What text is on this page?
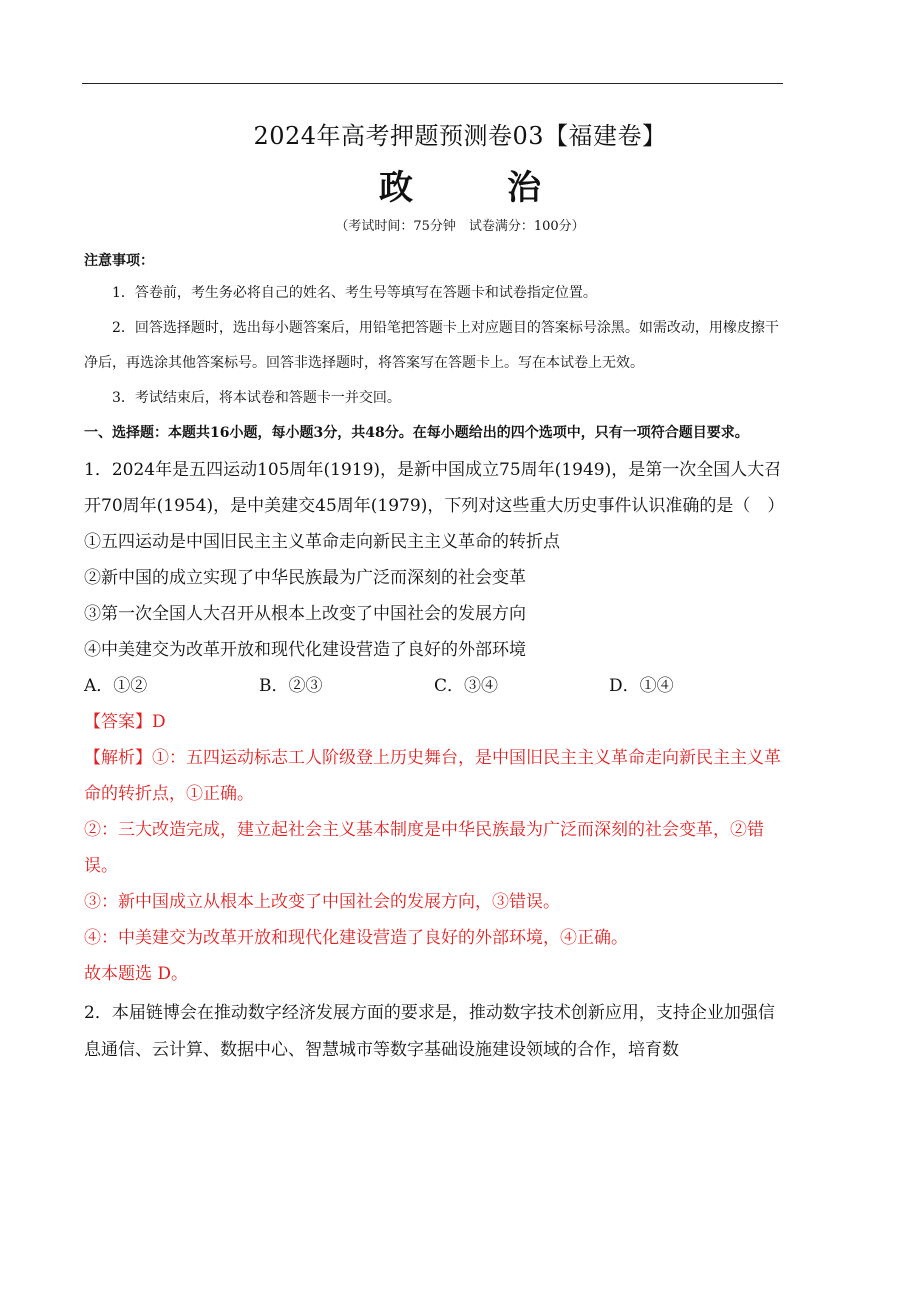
2024年高考押题预测卷03【福建卷】
政　治
（考试时间：75分钟　试卷满分：100分）

注意事项：

1．答卷前，考生务必将自己的姓名、考生号等填写在答题卡和试卷指定位置。

2．回答选择题时，选出每小题答案后，用铅笔把答题卡上对应题目的答案标号涂黑。如需改动，用橡皮擦干净后，再选涂其他答案标号。回答非选择题时，将答案写在答题卡上。写在本试卷上无效。

3．考试结束后，将本试卷和答题卡一并交回。

一、选择题：本题共16小题，每小题3分，共48分。在每小题给出的四个选项中，只有一项符合题目要求。

1．2024年是五四运动105周年(1919)，是新中国成立75周年(1949)，是第一次全国人大召开70周年(1954)，是中美建交45周年(1979)，下列对这些重大历史事件认识准确的是（　）

①五四运动是中国旧民主主义革命走向新民主主义革命的转折点

②新中国的成立实现了中华民族最为广泛而深刻的社会变革

③第一次全国人大召开从根本上改变了中国社会的发展方向

④中美建交为改革开放和现代化建设营造了良好的外部环境

A．①②	B．②③	C．③④	D．①④

【答案】D

【解析】①：五四运动标志工人阶级登上历史舞台，是中国旧民主主义革命走向新民主主义革命的转折点，①正确。

②：三大改造完成，建立起社会主义基本制度是中华民族最为广泛而深刻的社会变革，②错误。

③：新中国成立从根本上改变了中国社会的发展方向，③错误。

④：中美建交为改革开放和现代化建设营造了良好的外部环境，④正确。

故本题选 D。

2．本届链博会在推动数字经济发展方面的要求是，推动数字技术创新应用，支持企业加强信息通信、云计算、数据中心、智慧城市等数字基础设施建设领域的合作，培育数
